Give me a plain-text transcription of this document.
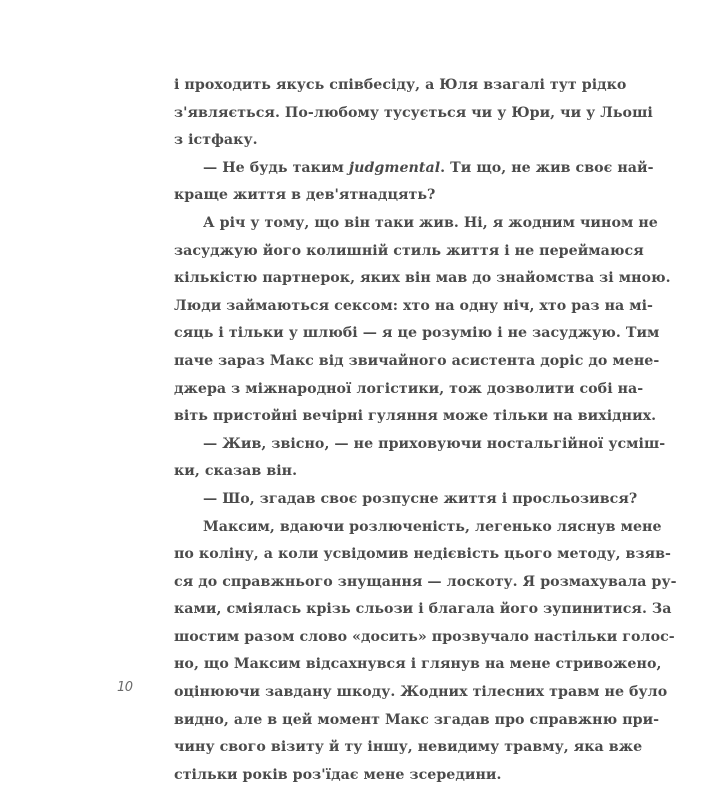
і проходить якусь співбесіду, а Юля взагалі тут рідко
з'являється. По-любому тусується чи у Юри, чи у Льоші
з істфаку.
— Не будь таким judgmental. Ти що, не жив своє най-
краще життя в дев'ятнадцять?
А річ у тому, що він таки жив. Ні, я жодним чином не
засуджую його колишній стиль життя і не переймаюся
кількістю партнерок, яких він мав до знайомства зі мною.
Люди займаються сексом: хто на одну ніч, хто раз на мі-
сяць і тільки у шлюбі — я це розумію і не засуджую. Тим
паче зараз Макс від звичайного асистента доріс до мене-
джера з міжнародної логістики, тож дозволити собі на-
віть пристойні вечірні гуляння може тільки на вихідних.
— Жив, звісно, — не приховуючи ностальгійної усміш-
ки, сказав він.
— Шо, згадав своє розпусне життя і просльозився?
Максим, вдаючи розлюченість, легенько ляснув мене
по коліну, а коли усвідомив недієвість цього методу, взяв-
ся до справжнього знущання — лоскоту. Я розмахувала ру-
ками, сміялась крізь сльози і благала його зупинитися. За
шостим разом слово «досить» прозвучало настільки голос-
но, що Максим відсахнувся і глянув на мене стривожено,
оцінюючи завдану шкоду. Жодних тілесних травм не було
видно, але в цей момент Макс згадав про справжню при-
чину свого візиту й ту іншу, невидиму травму, яка вже
стільки років роз'їдає мене зсередини.
10
